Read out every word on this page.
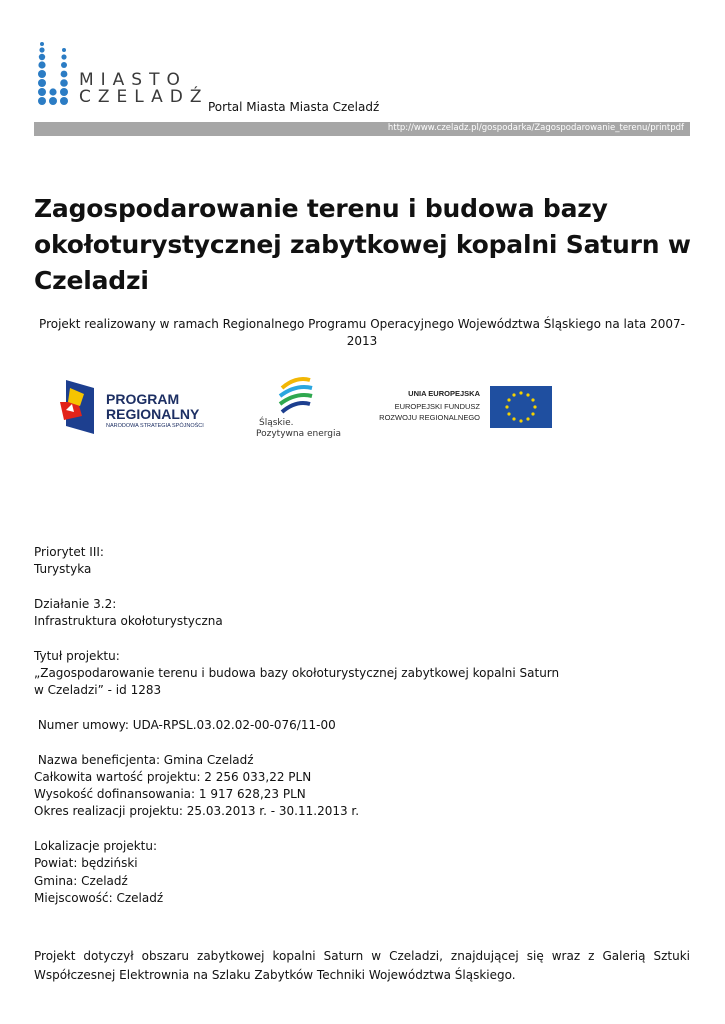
MIASTO
CZELADŹ Portal Miasta Miasta Czeladź
http://www.czeladz.pl/gospodarka/Zagospodarowanie_terenu/printpdf
Zagospodarowanie terenu i budowa bazy okołoturystycznej zabytkowej kopalni Saturn w Czeladzi
Projekt realizowany w ramach Regionalnego Programu Operacyjnego Województwa Śląskiego na lata 2007-2013
PROGRAM
REGIONALNY
NARODOWA STRATEGIA SPÓJNOŚCI	Śląskie.
Pozytywna energia
UNIA EUROPEJSKA
EUROPEJSKI FUNDUSZ
ROZWOJU REGIONALNEGO

Priorytet III:

Turystyka

Działanie 3.2:

Infrastruktura okołoturystyczna

Tytuł projektu:

„Zagospodarowanie terenu i budowa bazy okołoturystycznej zabytkowej kopalni Saturn

w Czeladzi” - id 1283

Numer umowy: UDA-RPSL.03.02.02-00-076/11-00

Nazwa beneficjenta: Gmina Czeladź

Całkowita wartość projektu: 2 256 033,22 PLN

Wysokość dofinansowania: 1 917 628,23 PLN

Okres realizacji projektu: 25.03.2013 r. - 30.11.2013 r.

Lokalizacje projektu:

Powiat: będziński

Gmina: Czeladź

Miejscowość: Czeladź

Projekt dotyczył obszaru zabytkowej kopalni Saturn w Czeladzi, znajdującej się wraz z Galerią Sztuki Współczesnej Elektrownia na Szlaku Zabytków Techniki Województwa Śląskiego.
